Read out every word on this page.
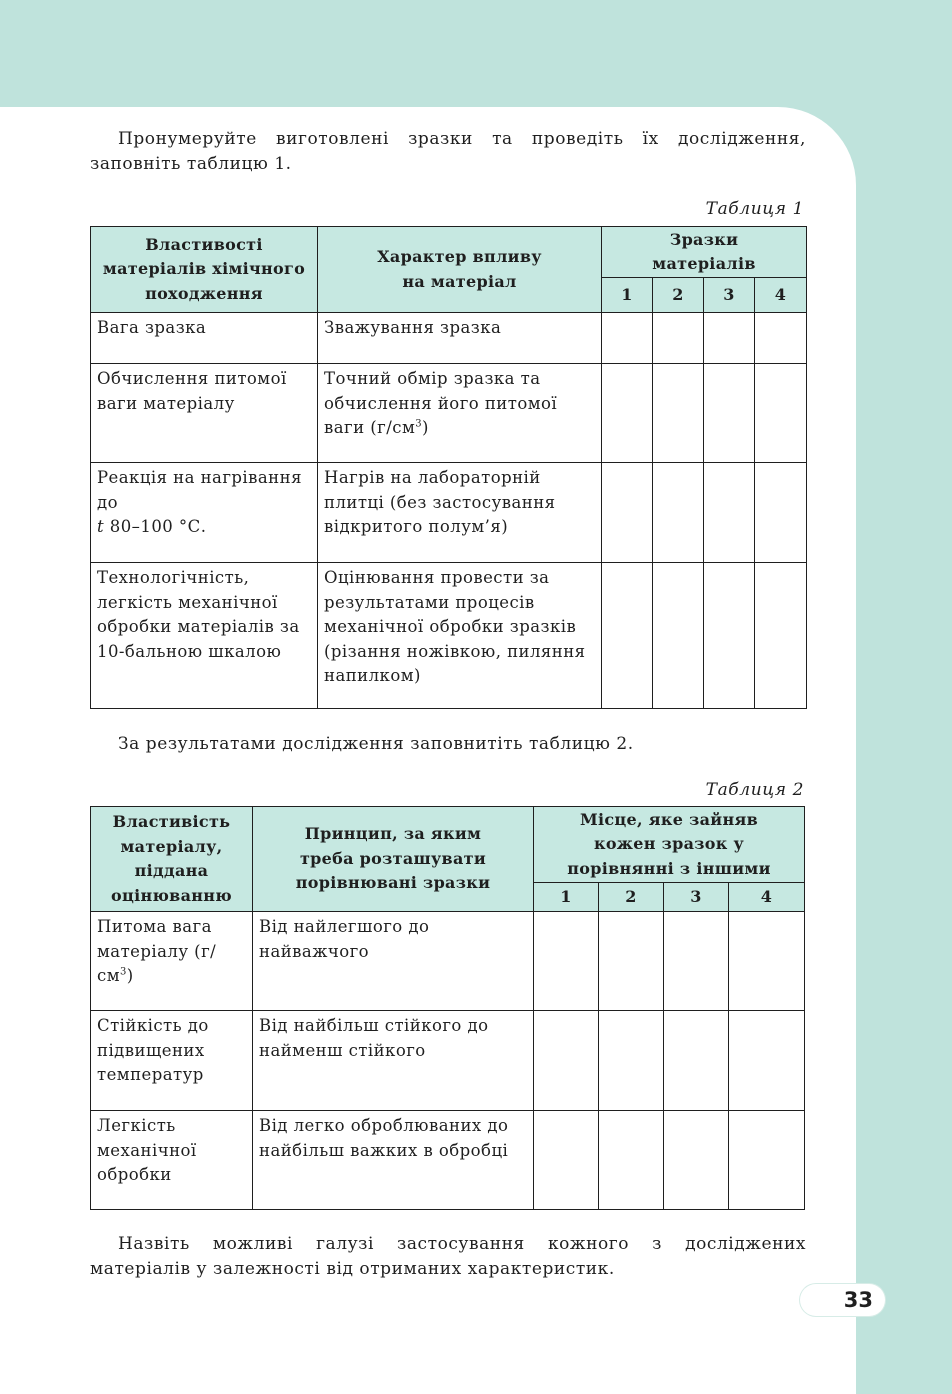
Пронумеруйте виготовлені зразки та проведіть їх дослідження, заповніть таблицю 1.

Таблиця 1
Властивості матеріалів хімічного походження	Характер впливу на матеріал	Зразки матеріалів			
		1	2	3	4
Вага зразка	Зважування зразка				
Обчислення питомої ваги матеріалу	Точний обмір зразка та обчислення його питомої ваги $(г/см^3)$				
Реакція на нагрівання до
t 80–100 °С.	Нагрів на лабораторній плитці (без застосування відкритого полум’я)				
Технологічність, легкість механічної обробки матеріалів за 10-бальною шкалою	Оцінювання провести за результатами процесів механічної обробки зразків (різання ножівкою, пиляння напилком)				

За результатами дослідження заповнитіть таблицю 2.

Таблиця 2
Властивість матеріалу, піддана оцінюванню	Принцип, за яким треба розташувати порівнювані зразки	Місце, яке зайняв кожен зразок у порівнянні з іншими			
		1	2	3	4
Питома вага матеріалу $(г/см^3)$	Від найлегшого до найважчого				
Стійкість до підвищених температур	Від найбільш стійкого до найменш стійкого				
Легкість механічної обробки	Від легко оброблюваних до найбільш важких в обробці				

Назвіть можливі галузі застосування кожного з досліджених матеріалів у залежності від отриманих характеристик.

33
